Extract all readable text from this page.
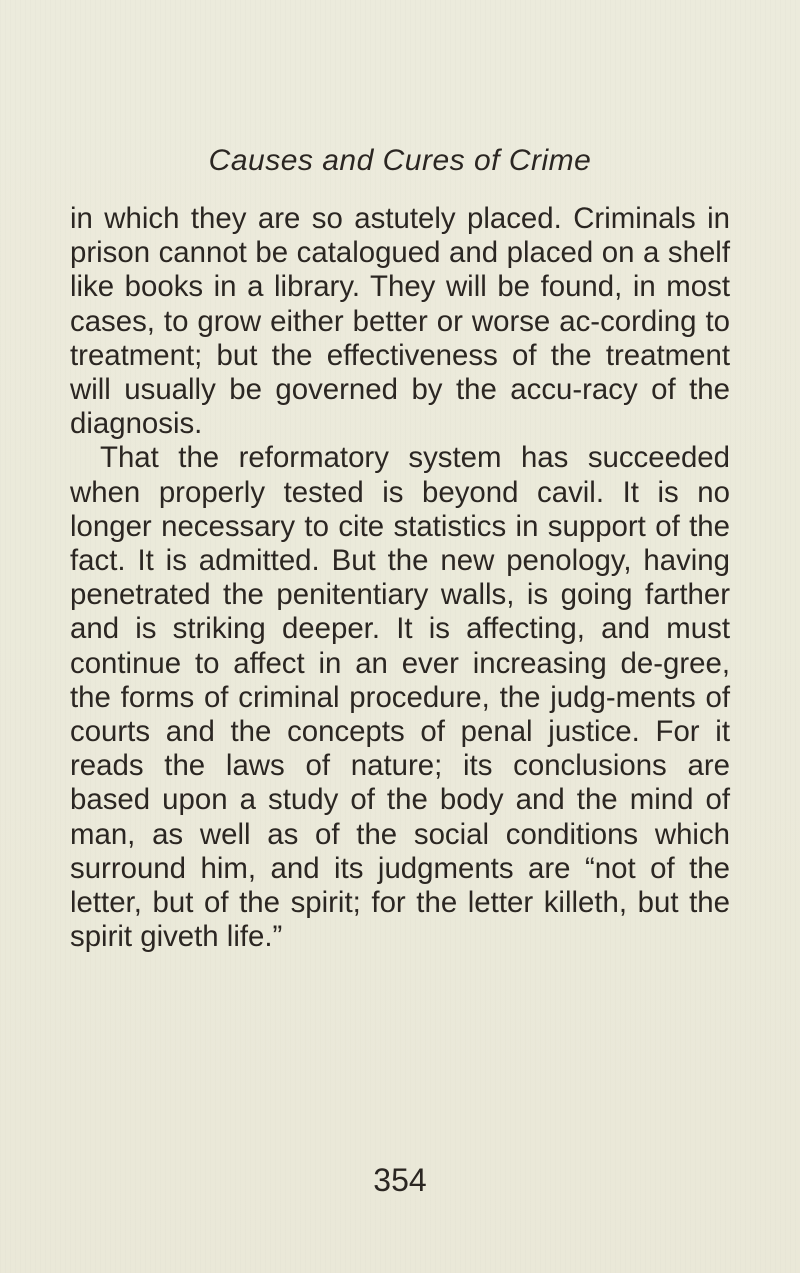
Causes and Cures of Crime

in which they are so astutely placed. Criminals in prison cannot be catalogued and placed on a shelf like books in a library. They will be found, in most cases, to grow either better or worse ac-cording to treatment; but the effectiveness of the treatment will usually be governed by the accu-racy of the diagnosis.

That the reformatory system has succeeded when properly tested is beyond cavil. It is no longer necessary to cite statistics in support of the fact. It is admitted. But the new penology, having penetrated the penitentiary walls, is going farther and is striking deeper. It is affecting, and must continue to affect in an ever increasing de-gree, the forms of criminal procedure, the judg-ments of courts and the concepts of penal justice. For it reads the laws of nature; its conclusions are based upon a study of the body and the mind of man, as well as of the social conditions which surround him, and its judgments are “not of the letter, but of the spirit; for the letter killeth, but the spirit giveth life.”

354
